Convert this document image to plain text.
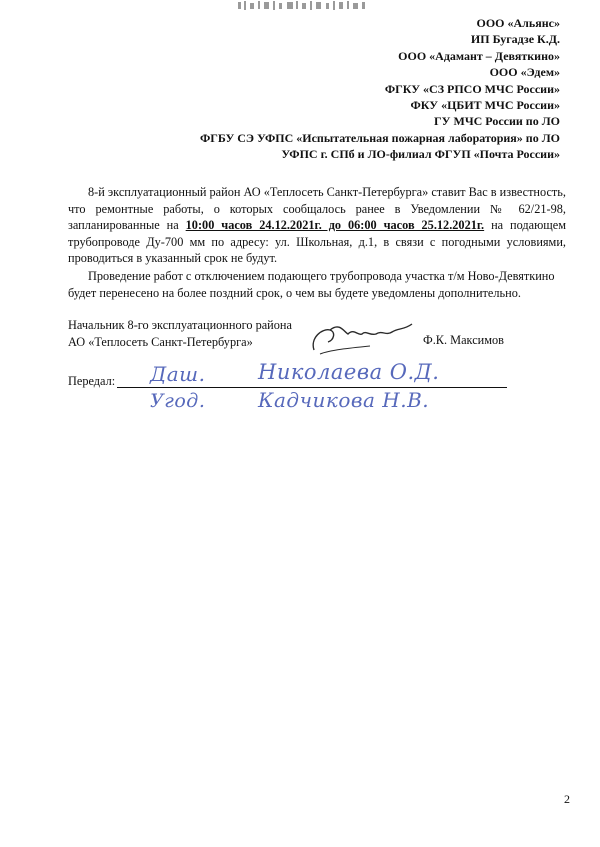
ООО «Альянс»
ИП Бугадзе К.Д.
ООО «Адамант – Девяткино»
ООО «Эдем»
ФГКУ «СЗ РПСО МЧС России»
ФКУ «ЦБИТ МЧС России»
ГУ МЧС России по ЛО
ФГБУ СЭ УФПС «Испытательная пожарная лаборатория» по ЛО
УФПС г. СПб и ЛО-филиал ФГУП «Почта России»
8-й эксплуатационный район АО «Теплосеть Санкт-Петербурга» ставит Вас в известность,
что ремонтные работы, о которых сообщалось ранее в Уведомлении № 62/21-98,
запланированные на 10:00 часов 24.12.2021г. до 06:00 часов 25.12.2021г. на подающем
трубопроводе Ду-700 мм по адресу: ул. Школьная, д.1, в связи с погодными условиями,
проводиться в указанный срок не будут.
Проведение работ с отключением подающего трубопровода участка т/м Ново-Девяткино
будет перенесено на более поздний срок, о чем вы будете уведомлены дополнительно.
Начальник 8-го эксплуатационного района
АО «Теплосеть Санкт-Петербурга»	Ф.К. Максимов
Передал: Даш.	Николаева О.Д.
Угод.	Кадчикова Н.В.
2
